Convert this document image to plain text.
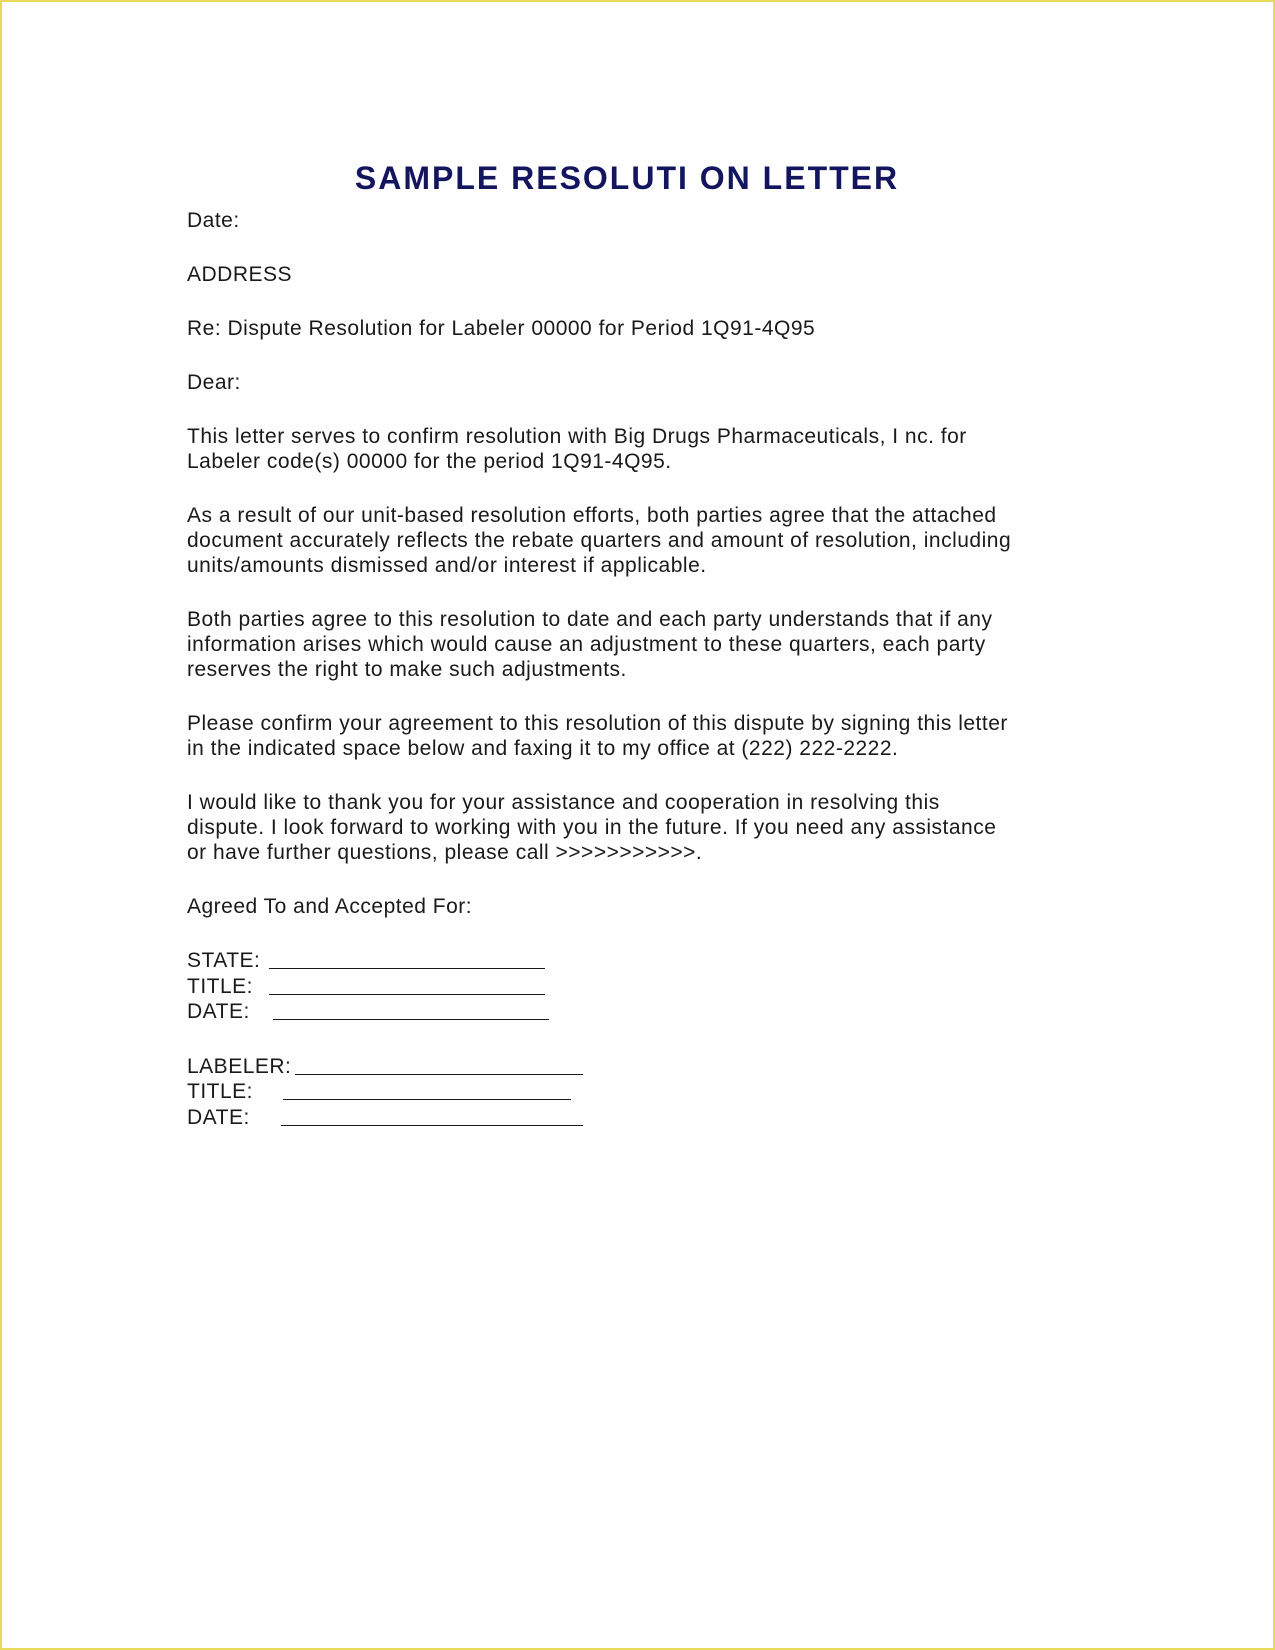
SAMPLE RESOLUTI ON LETTER

Date:

ADDRESS

Re: Dispute Resolution for Labeler 00000 for Period 1Q91-4Q95

Dear:

This letter serves to confirm resolution with Big Drugs Pharmaceuticals, I nc. for

Labeler code(s) 00000 for the period 1Q91-4Q95.

As a result of our unit-based resolution efforts, both parties agree that the attached

document accurately reflects the rebate quarters and amount of resolution, including

units/amounts dismissed and/or interest if applicable.

Both parties agree to this resolution to date and each party understands that if any

information arises which would cause an adjustment to these quarters, each party

reserves the right to make such adjustments.

Please confirm your agreement to this resolution of this dispute by signing this letter

in the indicated space below and faxing it to my office at (222) 222-2222.

I would like to thank you for your assistance and cooperation in resolving this

dispute. I look forward to working with you in the future. If you need any assistance

or have further questions, please call >>>>>>>>>>>.

Agreed To and Accepted For:

STATE:
TITLE:
DATE:
LABELER:
TITLE:
DATE:
